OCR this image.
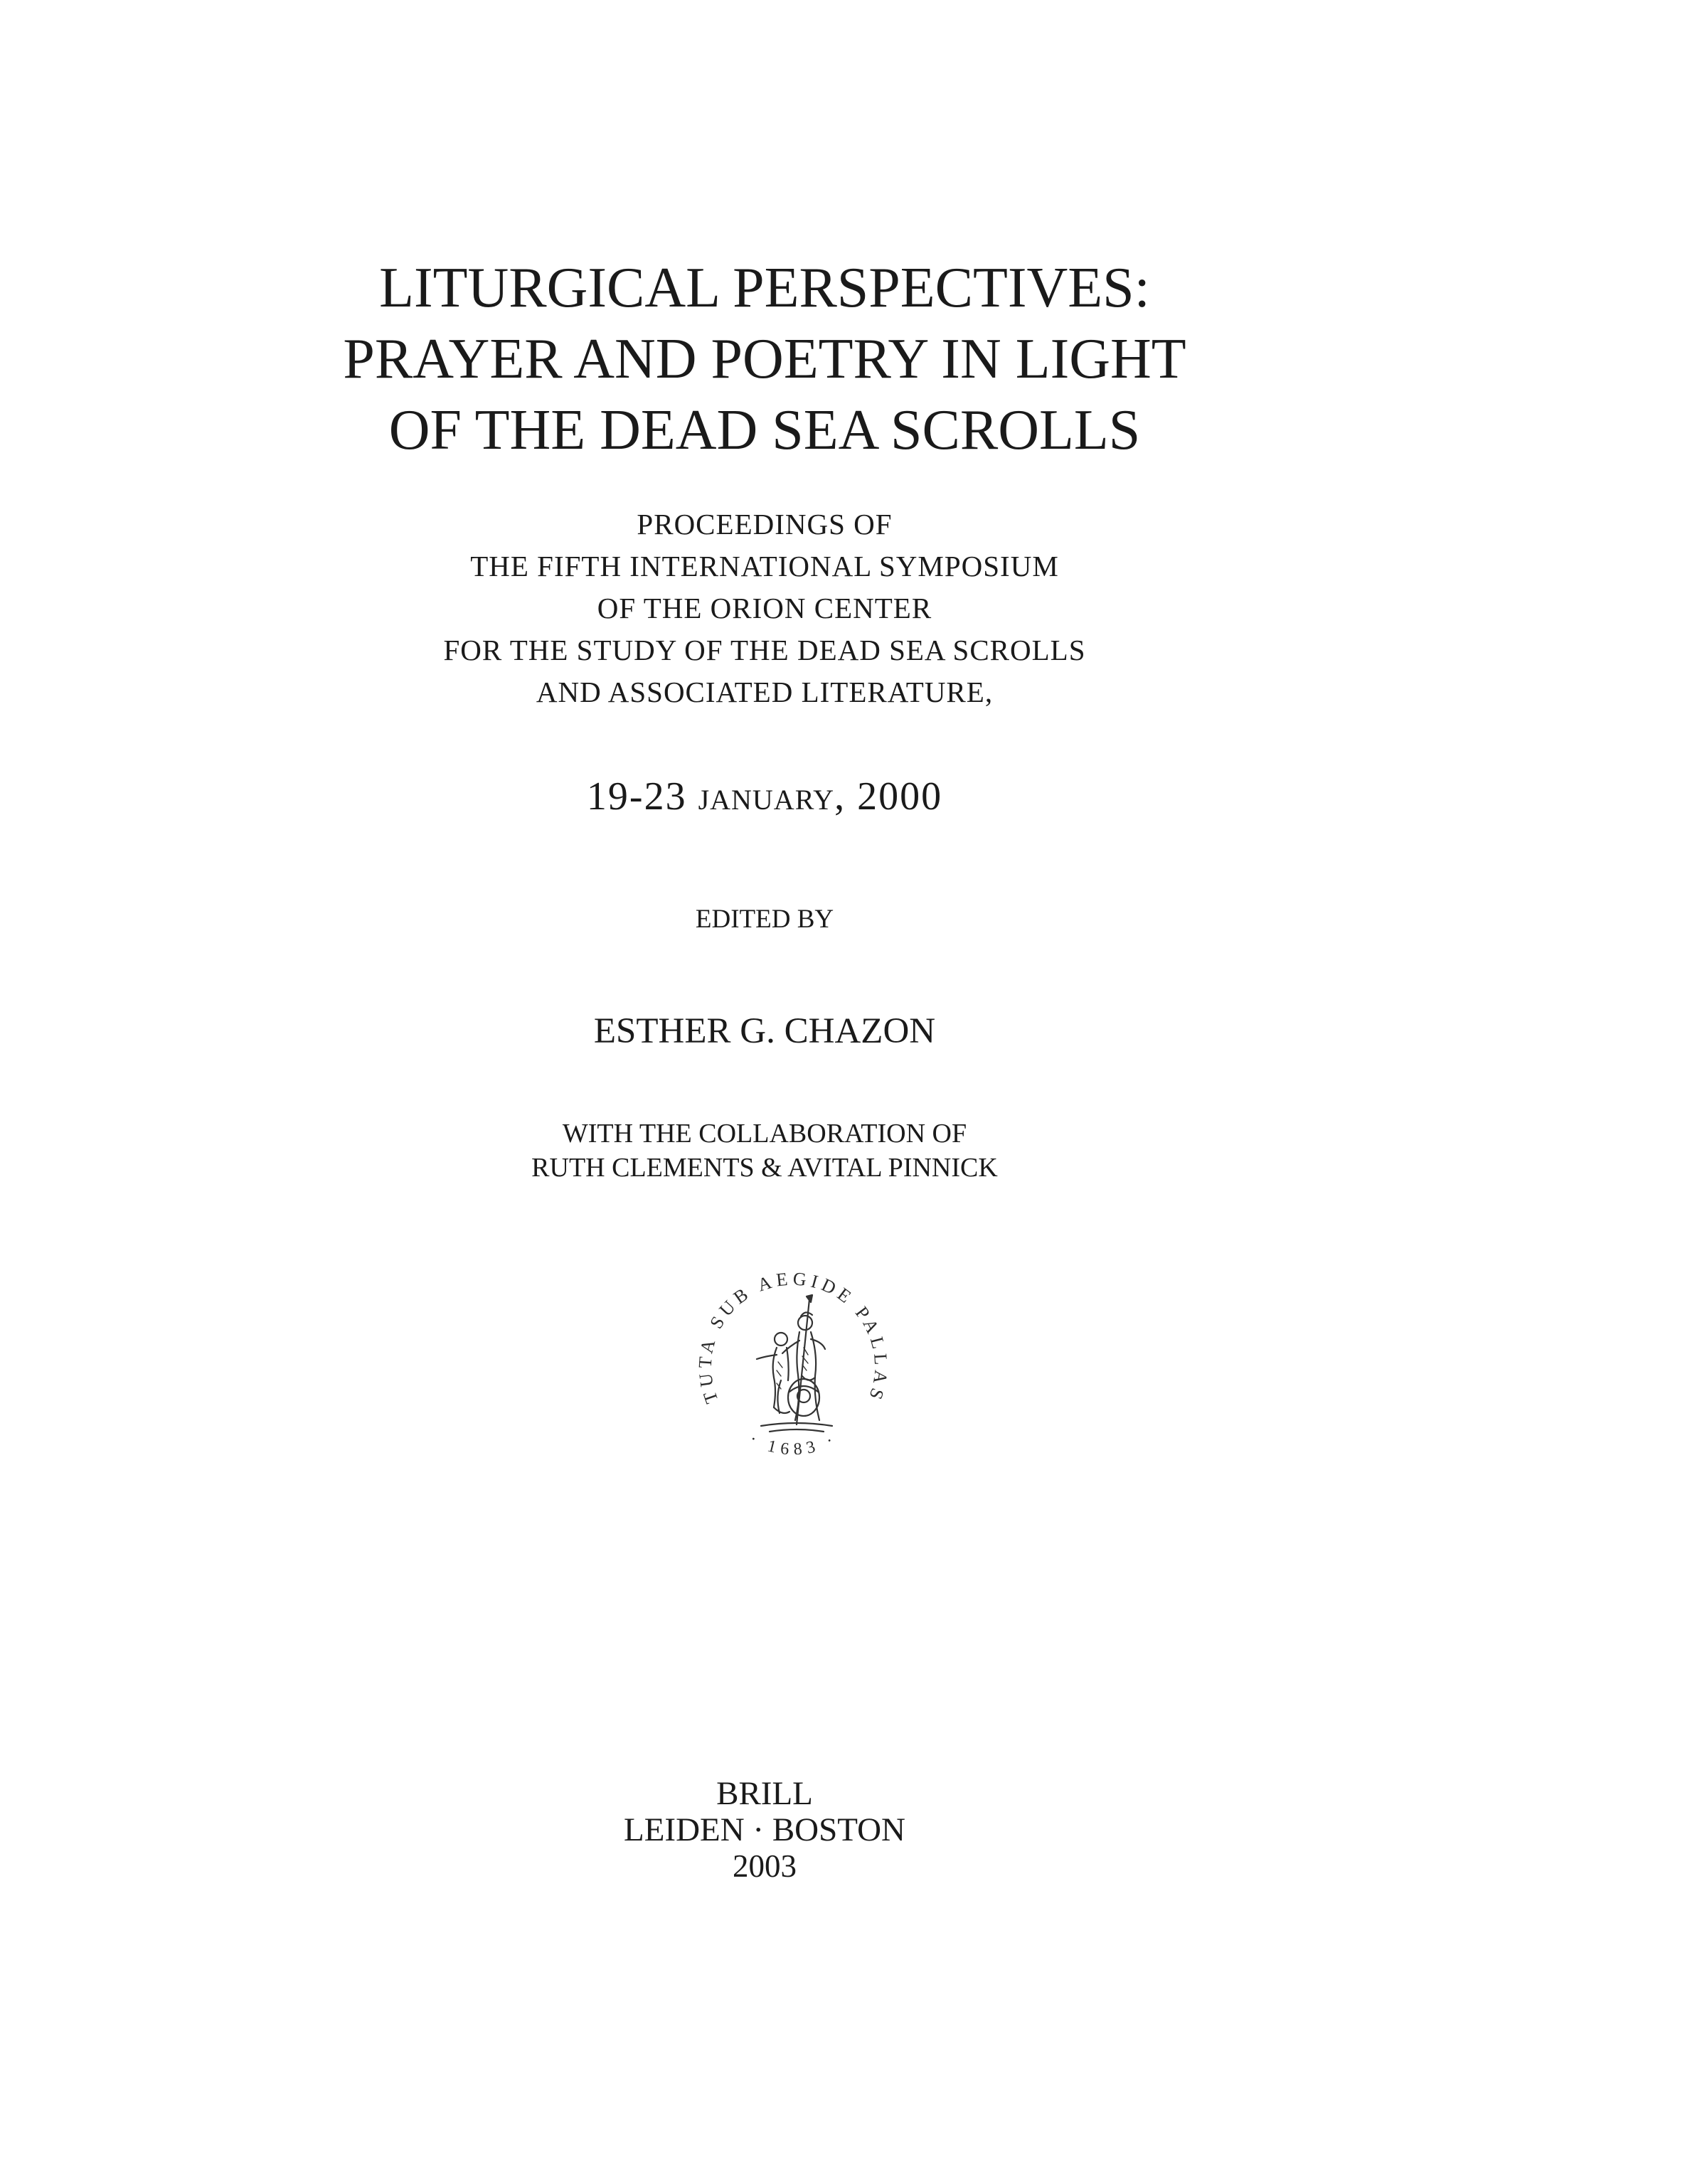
LITURGICAL PERSPECTIVES:
PRAYER AND POETRY IN LIGHT
OF THE DEAD SEA SCROLLS
PROCEEDINGS OF
THE FIFTH INTERNATIONAL SYMPOSIUM
OF THE ORION CENTER
FOR THE STUDY OF THE DEAD SEA SCROLLS
AND ASSOCIATED LITERATURE,
19-23 JANUARY, 2000
EDITED BY
ESTHER G. CHAZON
WITH THE COLLABORATION OF
RUTH CLEMENTS & AVITAL PINNICK
TUTA SUB AEGIDE PALLAS
· 1683 ·
BRILL
LEIDEN · BOSTON
2003
